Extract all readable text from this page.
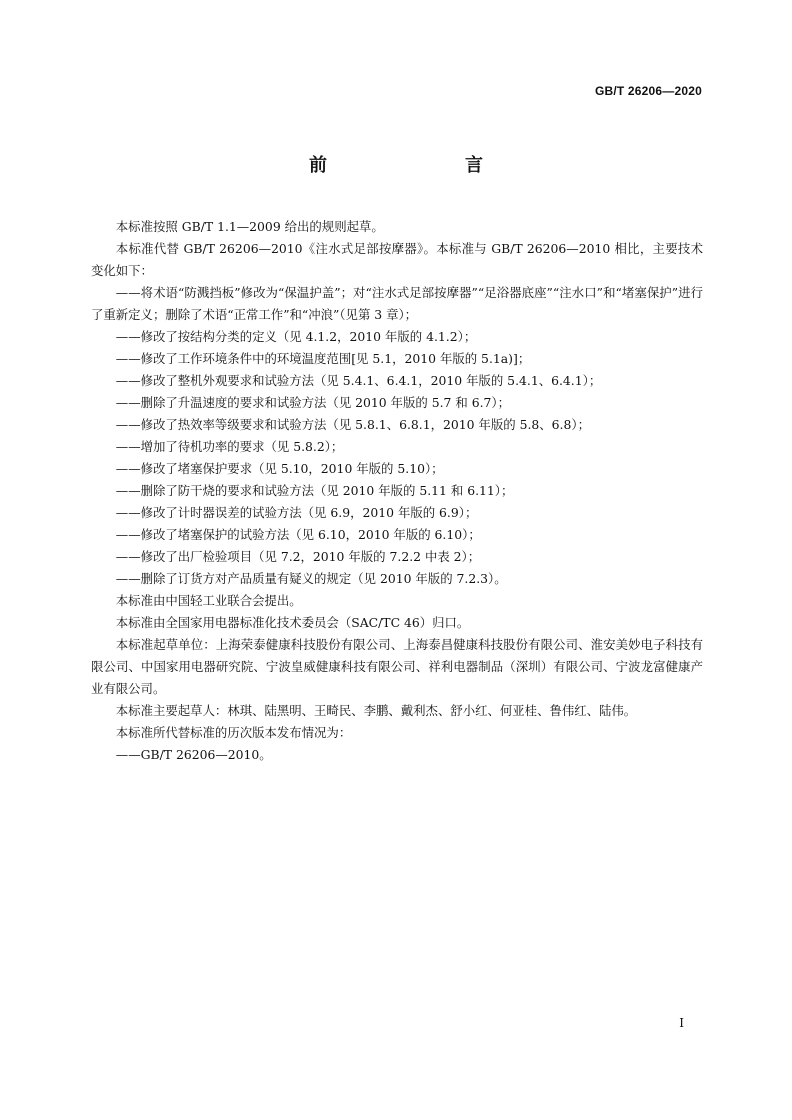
GB/T 26206—2020
前　　言

本标准按照 GB/T 1.1—2009 给出的规则起草。

本标准代替 GB/T 26206—2010《注水式足部按摩器》。本标准与 GB/T 26206—2010 相比，主要技术变化如下：

——将术语“防溅挡板”修改为“保温护盖”；对“注水式足部按摩器”“足浴器底座”“注水口”和“堵塞保护”进行了重新定义；删除了术语“正常工作”和“冲浪”（见第 3 章）；

——修改了按结构分类的定义（见 4.1.2，2010 年版的 4.1.2）；

——修改了工作环境条件中的环境温度范围[见 5.1，2010 年版的 5.1a)]；

——修改了整机外观要求和试验方法（见 5.4.1、6.4.1，2010 年版的 5.4.1、6.4.1）；

——删除了升温速度的要求和试验方法（见 2010 年版的 5.7 和 6.7）；

——修改了热效率等级要求和试验方法（见 5.8.1、6.8.1，2010 年版的 5.8、6.8）；

——增加了待机功率的要求（见 5.8.2）；

——修改了堵塞保护要求（见 5.10，2010 年版的 5.10）；

——删除了防干烧的要求和试验方法（见 2010 年版的 5.11 和 6.11）；

——修改了计时器误差的试验方法（见 6.9，2010 年版的 6.9）；

——修改了堵塞保护的试验方法（见 6.10，2010 年版的 6.10）；

——修改了出厂检验项目（见 7.2，2010 年版的 7.2.2 中表 2）；

——删除了订货方对产品质量有疑义的规定（见 2010 年版的 7.2.3）。

本标准由中国轻工业联合会提出。

本标准由全国家用电器标准化技术委员会（SAC/TC 46）归口。

本标准起草单位：上海荣泰健康科技股份有限公司、上海泰昌健康科技股份有限公司、淮安美妙电子科技有限公司、中国家用电器研究院、宁波皇威健康科技有限公司、祥利电器制品（深圳）有限公司、宁波龙富健康产业有限公司。

本标准主要起草人：林琪、陆黑明、王畸民、李鹏、戴利杰、舒小红、何亚桂、鲁伟红、陆伟。

本标准所代替标准的历次版本发布情况为：

——GB/T 26206—2010。

I
